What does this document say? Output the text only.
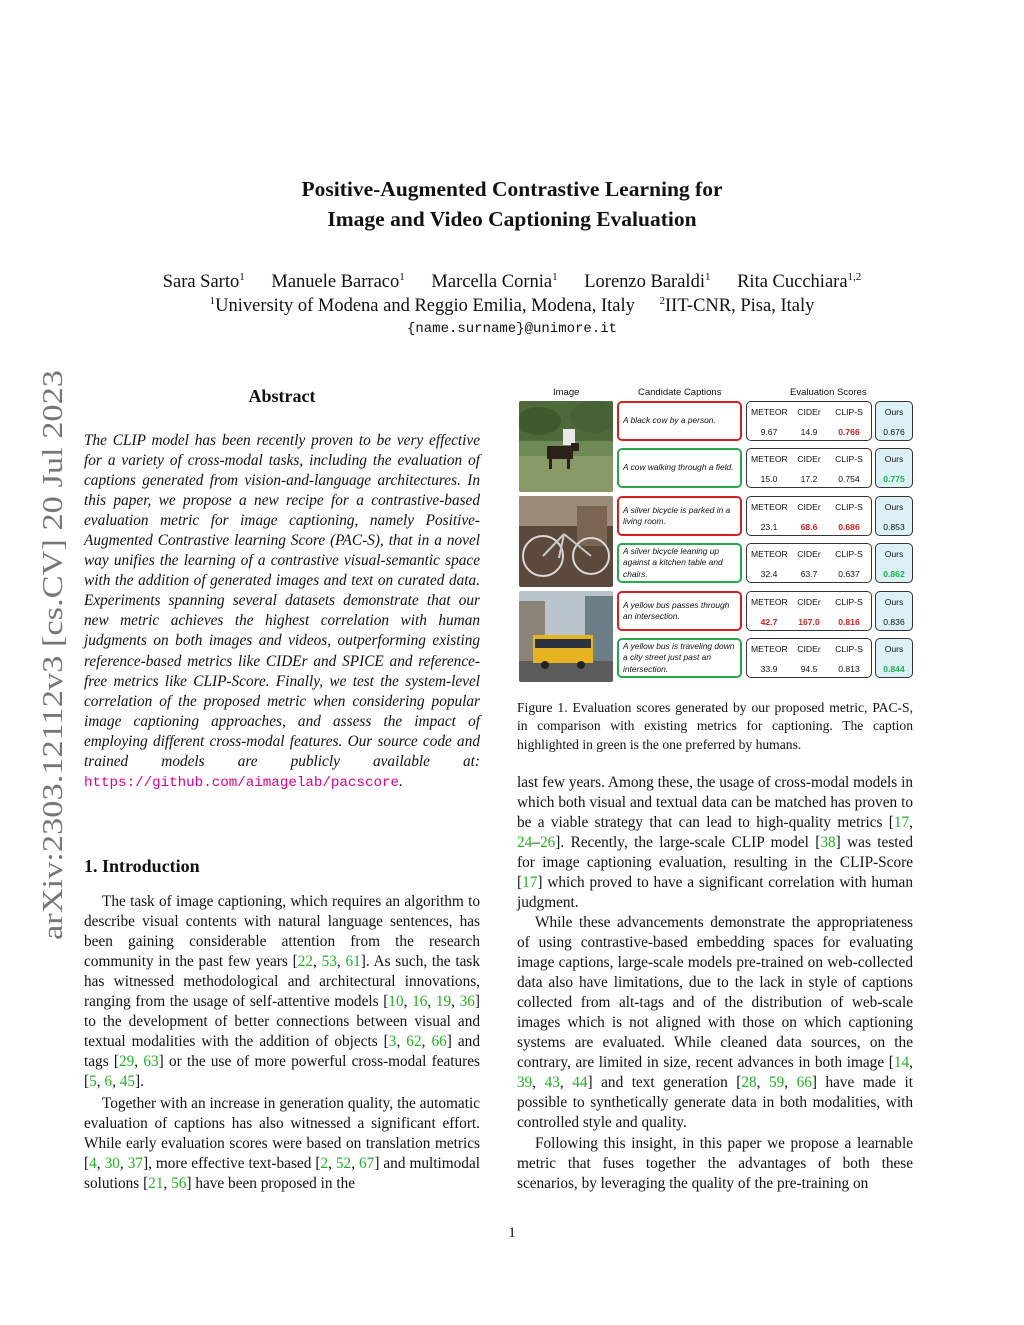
arXiv:2303.12112v3 [cs.CV] 20 Jul 2023
Positive-Augmented Contrastive Learning for
Image and Video Captioning Evaluation
Sara Sarto$^1$ Manuele Barraco$^1$ Marcella Cornia$^1$ Lorenzo Baraldi$^1$ Rita Cucchiara$^{1,2}$
$^1$University of Modena and Reggio Emilia, Modena, Italy $^2$IIT-CNR, Pisa, Italy
{name.surname}@unimore.it
Abstract
The CLIP model has been recently proven to be very effective for a variety of cross-modal tasks, including the evaluation of captions generated from vision-and-language architectures. In this paper, we propose a new recipe for a contrastive-based evaluation metric for image captioning, namely Positive-Augmented Contrastive learning Score (PAC-S), that in a novel way unifies the learning of a contrastive visual-semantic space with the addition of generated images and text on curated data. Experiments spanning several datasets demonstrate that our new metric achieves the highest correlation with human judgments on both images and videos, outperforming existing reference-based metrics like CIDEr and SPICE and reference-free metrics like CLIP-Score. Finally, we test the system-level correlation of the proposed metric when considering popular image captioning approaches, and assess the impact of employing different cross-modal features. Our source code and trained models are publicly available at: https://github.com/aimagelab/pacscore.
1. Introduction
The task of image captioning, which requires an algorithm to describe visual contents with natural language sentences, has been gaining considerable attention from the research community in the past few years [22, 53, 61]. As such, the task has witnessed methodological and architectural innovations, ranging from the usage of self-attentive models [10, 16, 19, 36] to the development of better connections between visual and textual modalities with the addition of objects [3, 62, 66] and tags [29, 63] or the use of more powerful cross-modal features [5, 6, 45].
Together with an increase in generation quality, the automatic evaluation of captions has also witnessed a significant effort. While early evaluation scores were based on translation metrics [4, 30, 37], more effective text-based [2, 52, 67] and multimodal solutions [21, 56] have been proposed in the
Image	Candidate Captions	Evaluation Scores
A black cow by a person.
METEOR	CIDEr	CLIP-S
9.67	14.9	0.766
Ours
0.676
A cow walking through a field.
METEOR	CIDEr	CLIP-S
15.0	17.2	0.754
Ours
0.775
A silver bicycle is parked in a living room.
METEOR	CIDEr	CLIP-S
23.1	68.6	0.686
Ours
0.853
A silver bicycle leaning up against a kitchen table and chairs.
METEOR	CIDEr	CLIP-S
32.4	63.7	0.637
Ours
0.862
A yellow bus passes through an intersection.
METEOR	CIDEr	CLIP-S
42.7	167.0	0.816
Ours
0.836
A yellow bus is traveling down a city street just past an intersection.
METEOR	CIDEr	CLIP-S
33.9	94.5	0.813
Ours
0.844
Figure 1. Evaluation scores generated by our proposed metric, PAC-S, in comparison with existing metrics for captioning. The caption highlighted in green is the one preferred by humans.
last few years. Among these, the usage of cross-modal models in which both visual and textual data can be matched has proven to be a viable strategy that can lead to high-quality metrics [17, 24–26]. Recently, the large-scale CLIP model [38] was tested for image captioning evaluation, resulting in the CLIP-Score [17] which proved to have a significant correlation with human judgment.
While these advancements demonstrate the appropriateness of using contrastive-based embedding spaces for evaluating image captions, large-scale models pre-trained on web-collected data also have limitations, due to the lack in style of captions collected from alt-tags and of the distribution of web-scale images which is not aligned with those on which captioning systems are evaluated. While cleaned data sources, on the contrary, are limited in size, recent advances in both image [14, 39, 43, 44] and text generation [28, 59, 66] have made it possible to synthetically generate data in both modalities, with controlled style and quality.
Following this insight, in this paper we propose a learnable metric that fuses together the advantages of both these scenarios, by leveraging the quality of the pre-training on
1
